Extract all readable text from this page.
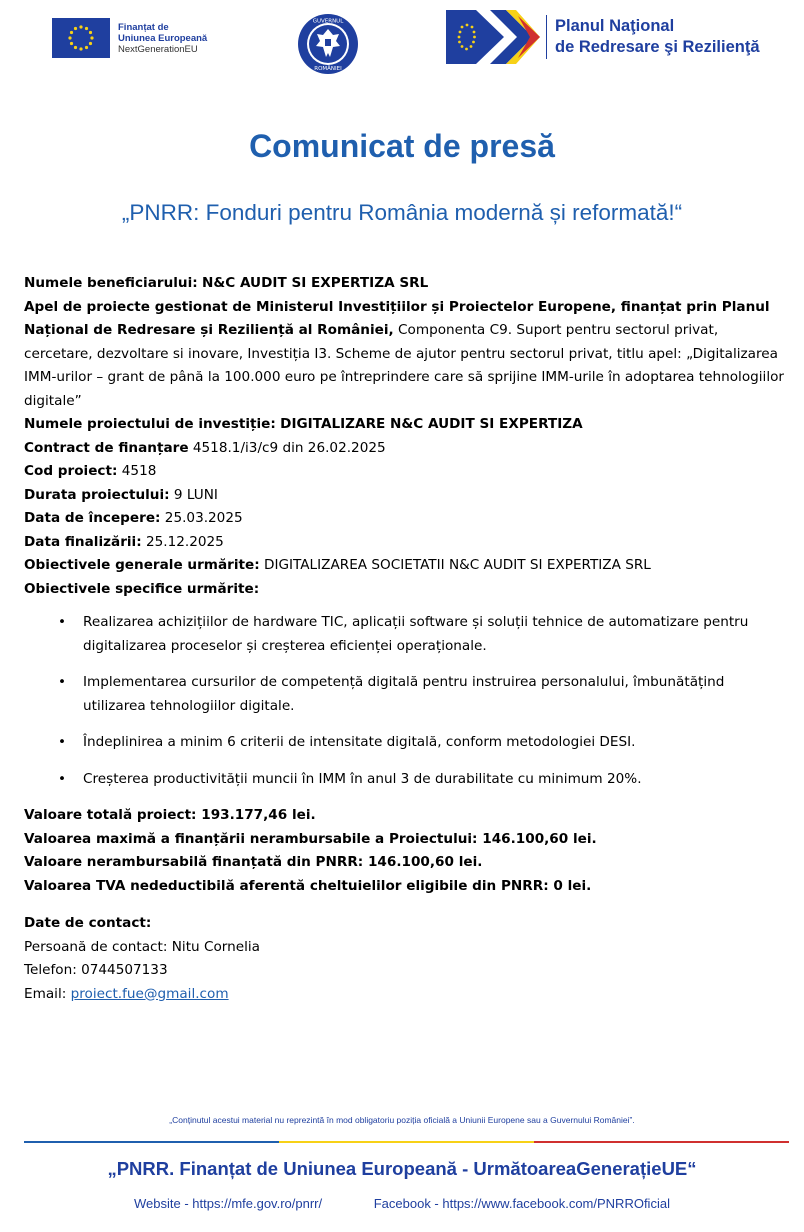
Finanțat de
Uniunea Europeană
NextGenerationEU
GUVERNUL
ROMÂNIEI
Planul Naţional
de Redresare şi Rezilienţă
Comunicat de presă
„PNRR: Fonduri pentru România modernă și reformată!“

Numele beneficiarului: N&C AUDIT SI EXPERTIZA SRL

Apel de proiecte gestionat de Ministerul Investițiilor și Proiectelor Europene, finanțat prin Planul Național de Redresare și Reziliență al României, Componenta C9. Suport pentru sectorul privat, cercetare, dezvoltare si inovare, Investiția I3. Scheme de ajutor pentru sectorul privat, titlu apel: „Digitalizarea IMM-urilor – grant de până la 100.000 euro pe întreprindere care să sprijine IMM-urile în adoptarea tehnologiilor digitale”

Numele proiectului de investiție: DIGITALIZARE N&C AUDIT SI EXPERTIZA

Contract de finanțare 4518.1/i3/c9 din 26.02.2025

Cod proiect: 4518

Durata proiectului: 9 LUNI

Data de începere: 25.03.2025

Data finalizării: 25.12.2025

Obiectivele generale urmărite: DIGITALIZAREA SOCIETATII N&C AUDIT SI EXPERTIZA SRL

Obiectivele specifice urmărite:

• Realizarea achizițiilor de hardware TIC, aplicații software și soluții tehnice de automatizare pentru digitalizarea proceselor și creșterea eficienței operaționale.
• Implementarea cursurilor de competență digitală pentru instruirea personalului, îmbunătățind utilizarea tehnologiilor digitale.
• Îndeplinirea a minim 6 criterii de intensitate digitală, conform metodologiei DESI.
• Creșterea productivității muncii în IMM în anul 3 de durabilitate cu minimum 20%.

Valoare totală proiect: 193.177,46 lei.

Valoarea maximă a finanțării nerambursabile a Proiectului: 146.100,60 lei.

Valoare nerambursabilă finanțată din PNRR: 146.100,60 lei.

Valoarea TVA nedeductibilă aferentă cheltuielilor eligibile din PNRR: 0 lei.

Date de contact:

Persoană de contact: Nitu Cornelia

Telefon: 0744507133

Email: proiect.fue@gmail.com

„Conținutul acestui material nu reprezintă în mod obligatoriu poziția oficială a Uniunii Europene sau a Guvernului României”.
„PNRR. Finanțat de Uniunea Europeană - UrmătoareaGenerațieUE“
Website - https://mfe.gov.ro/pnrr/	Facebook - https://www.facebook.com/PNRROficial
